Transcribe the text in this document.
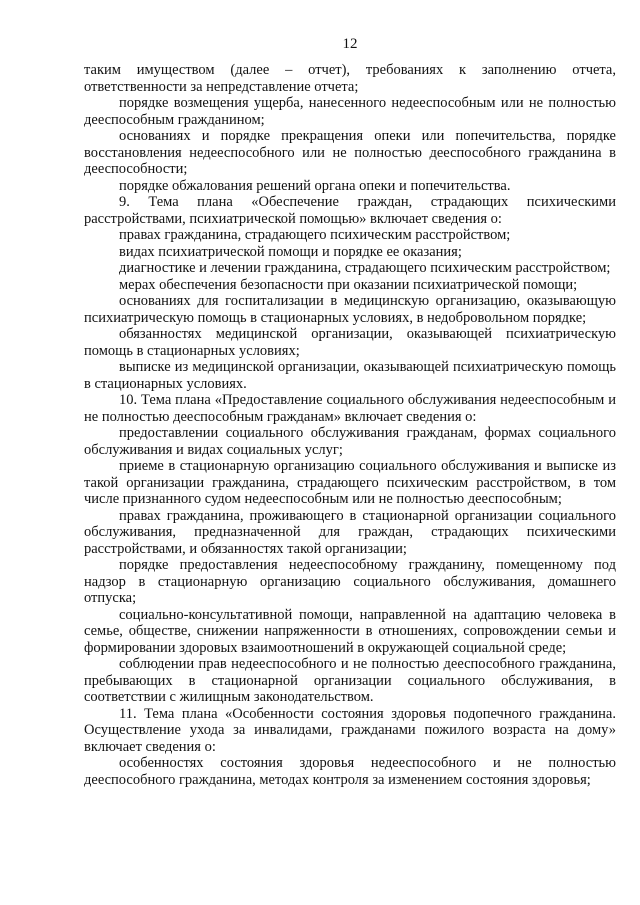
12

таким имуществом (далее – отчет), требованиях к заполнению отчета, ответственности за непредставление отчета;

порядке возмещения ущерба, нанесенного недееспособным или не полностью дееспособным гражданином;

основаниях и порядке прекращения опеки или попечительства, порядке восстановления недееспособного или не полностью дееспособного гражданина в дееспособности;

порядке обжалования решений органа опеки и попечительства.

9. Тема плана «Обеспечение граждан, страдающих психическими расстройствами, психиатрической помощью» включает сведения о:

правах гражданина, страдающего психическим расстройством;

видах психиатрической помощи и порядке ее оказания;

диагностике и лечении гражданина, страдающего психическим расстройством;

мерах обеспечения безопасности при оказании психиатрической помощи;

основаниях для госпитализации в медицинскую организацию, оказывающую психиатрическую помощь в стационарных условиях, в недобровольном порядке;

обязанностях медицинской организации, оказывающей психиатрическую помощь в стационарных условиях;

выписке из медицинской организации, оказывающей психиатрическую помощь в стационарных условиях.

10. Тема плана «Предоставление социального обслуживания недееспособным и не полностью дееспособным гражданам» включает сведения о:

предоставлении социального обслуживания гражданам, формах социального обслуживания и видах социальных услуг;

приеме в стационарную организацию социального обслуживания и выписке из такой организации гражданина, страдающего психическим расстройством, в том числе признанного судом недееспособным или не полностью дееспособным;

правах гражданина, проживающего в стационарной организации социального обслуживания, предназначенной для граждан, страдающих психическими расстройствами, и обязанностях такой организации;

порядке предоставления недееспособному гражданину, помещенному под надзор в стационарную организацию социального обслуживания, домашнего отпуска;

социально-консультативной помощи, направленной на адаптацию человека в семье, обществе, снижении напряженности в отношениях, сопровождении семьи и формировании здоровых взаимоотношений в окружающей социальной среде;

соблюдении прав недееспособного и не полностью дееспособного гражданина, пребывающих в стационарной организации социального обслуживания, в соответствии с жилищным законодательством.

11. Тема плана «Особенности состояния здоровья подопечного гражданина. Осуществление ухода за инвалидами, гражданами пожилого возраста на дому» включает сведения о:

особенностях состояния здоровья недееспособного и не полностью дееспособного гражданина, методах контроля за изменением состояния здоровья;
